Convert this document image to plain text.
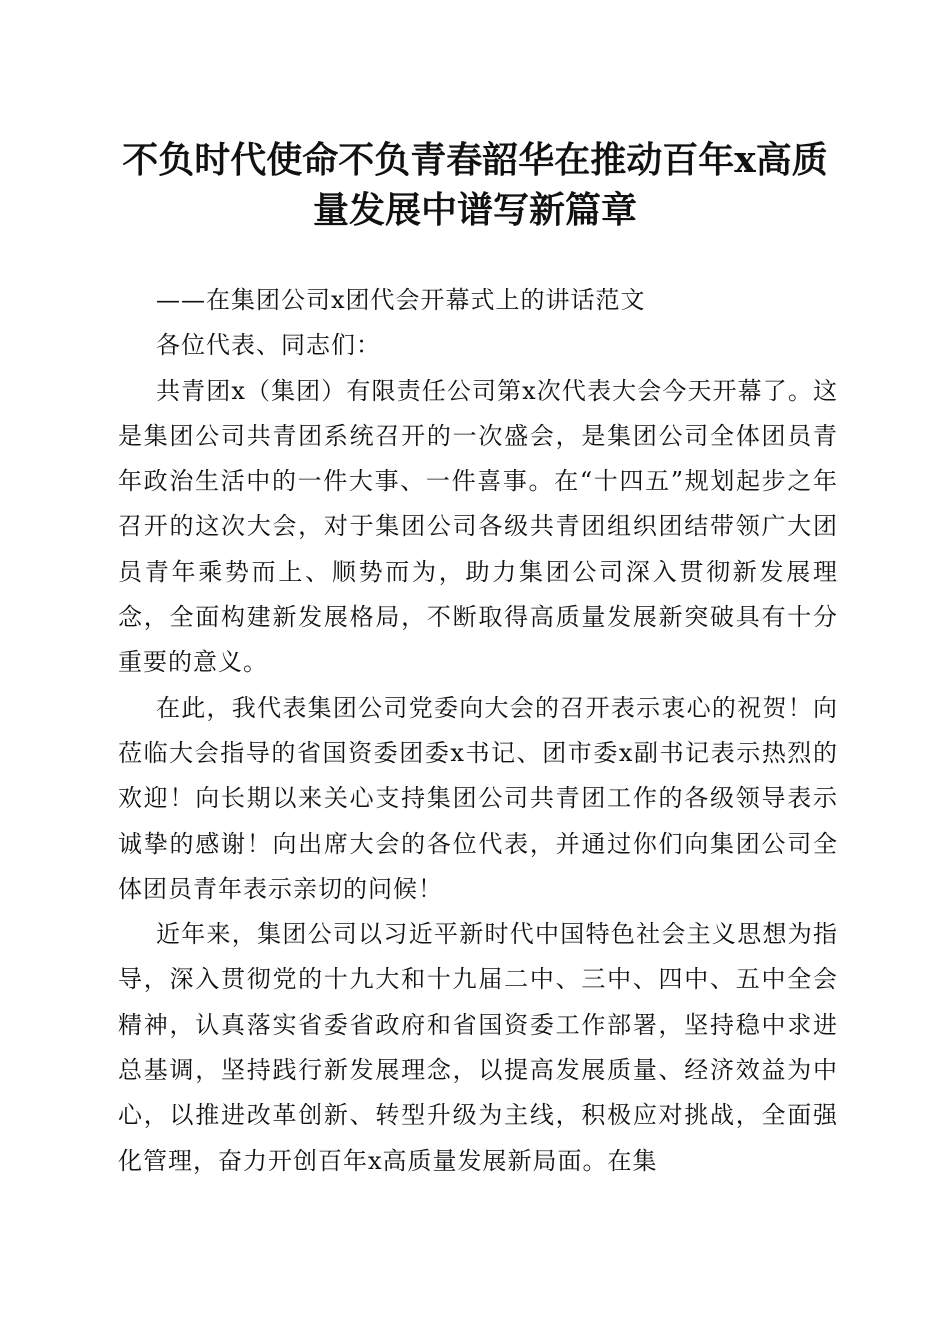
不负时代使命不负青春韶华在推动百年x高质量发展中谱写新篇章

——在集团公司x团代会开幕式上的讲话范文

各位代表、同志们：

共青团x（集团）有限责任公司第x次代表大会今天开幕了。这是集团公司共青团系统召开的一次盛会，是集团公司全体团员青年政治生活中的一件大事、一件喜事。在“十四五”规划起步之年召开的这次大会，对于集团公司各级共青团组织团结带领广大团员青年乘势而上、顺势而为，助力集团公司深入贯彻新发展理念，全面构建新发展格局，不断取得高质量发展新突破具有十分重要的意义。

在此，我代表集团公司党委向大会的召开表示衷心的祝贺！向莅临大会指导的省国资委团委x书记、团市委x副书记表示热烈的欢迎！向长期以来关心支持集团公司共青团工作的各级领导表示诚挚的感谢！向出席大会的各位代表，并通过你们向集团公司全体团员青年表示亲切的问候！

近年来，集团公司以习近平新时代中国特色社会主义思想为指导，深入贯彻党的十九大和十九届二中、三中、四中、五中全会精神，认真落实省委省政府和省国资委工作部署，坚持稳中求进总基调，坚持践行新发展理念，以提高发展质量、经济效益为中心，以推进改革创新、转型升级为主线，积极应对挑战，全面强化管理，奋力开创百年x高质量发展新局面。在集
